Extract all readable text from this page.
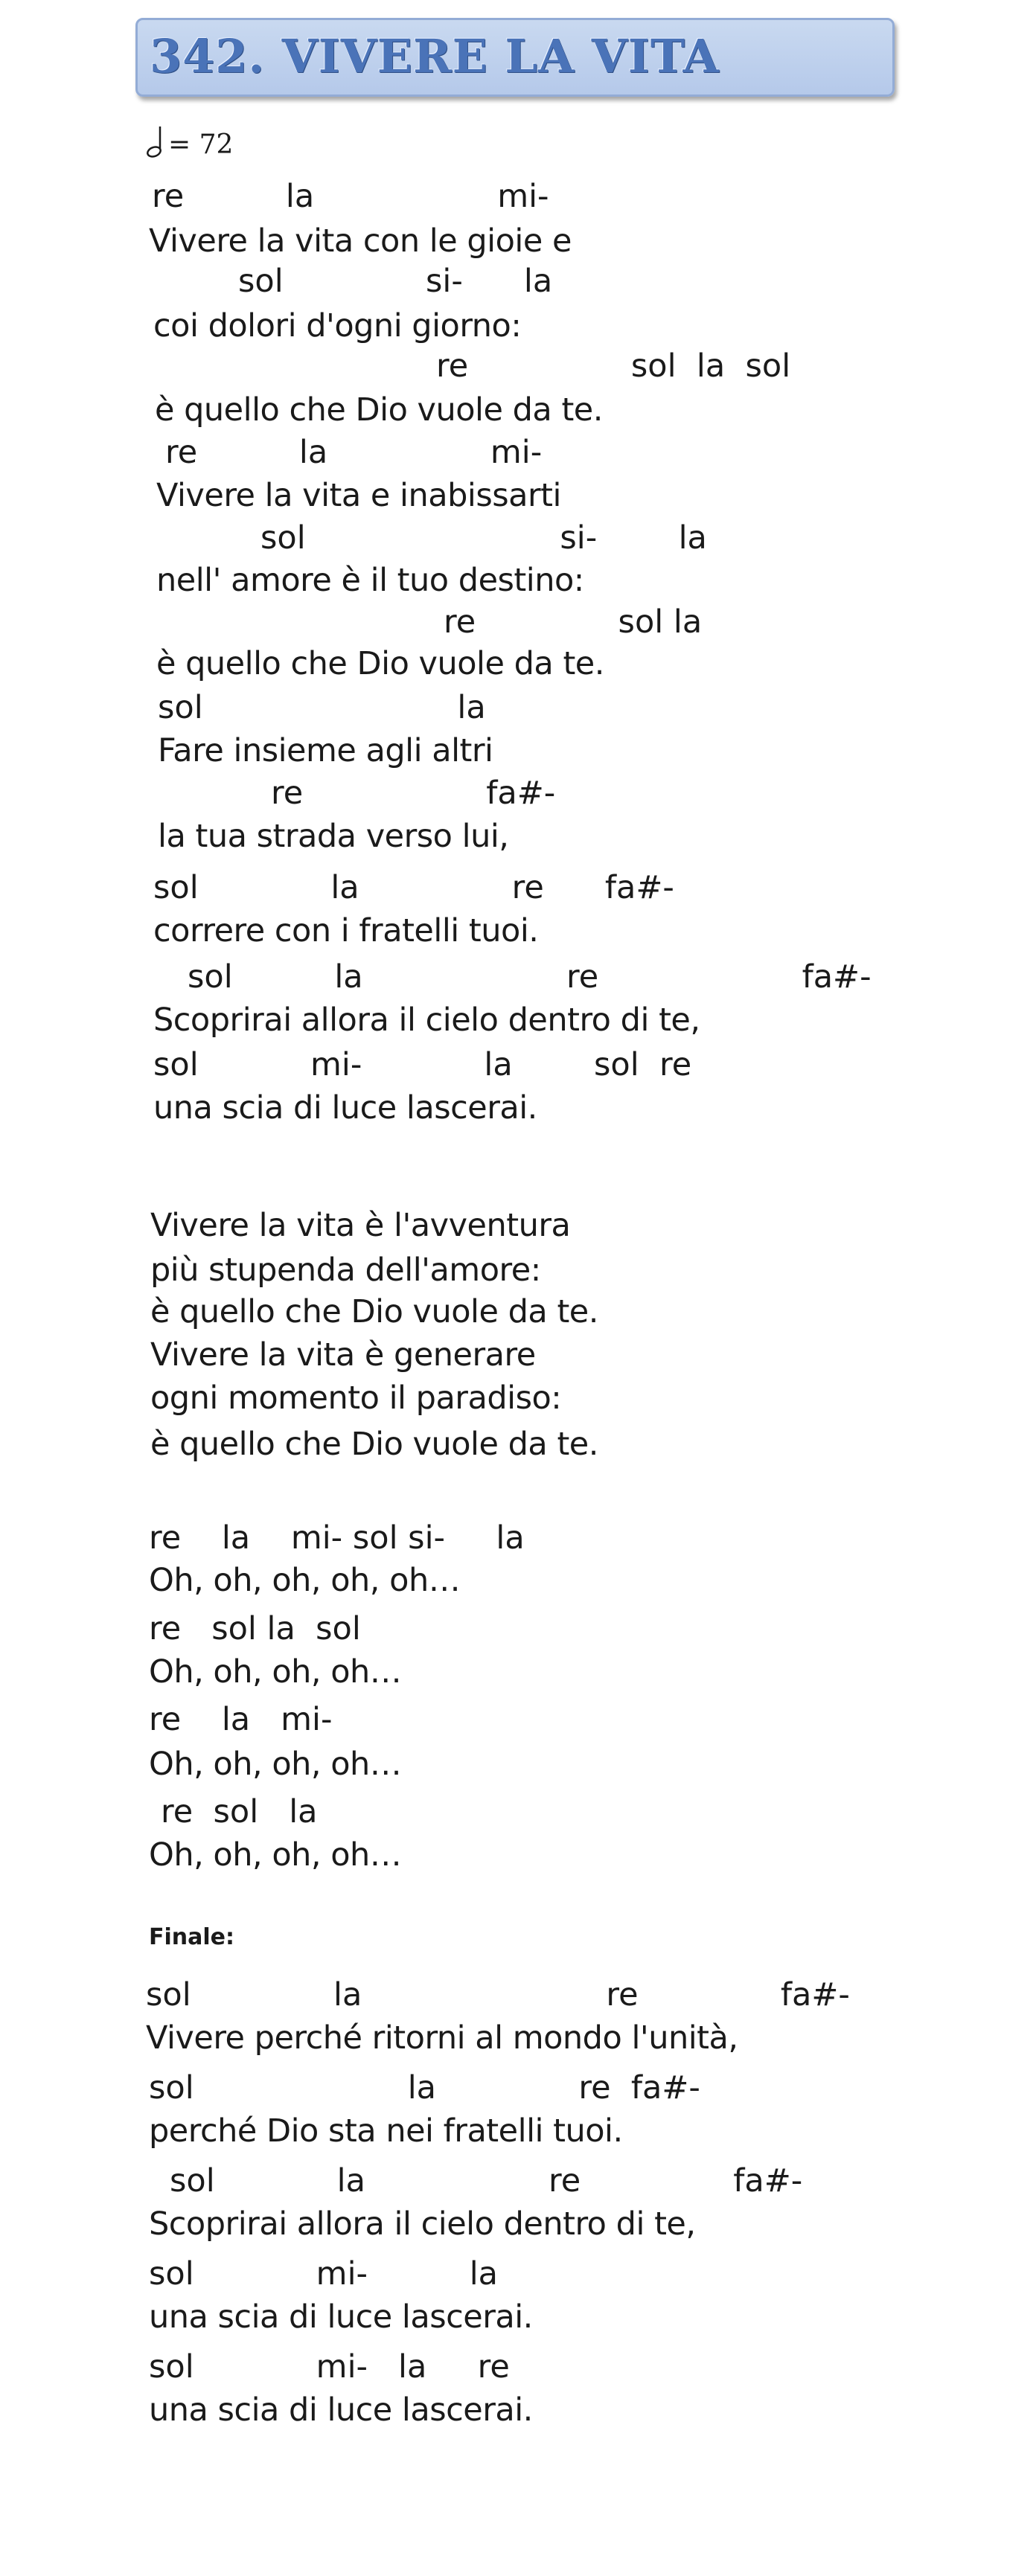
342. VIVERE LA VITA
= 72
re          la                  mi-
Vivere la vita con le gioie e
sol              si-      la
coi dolori d'ogni giorno:
re                sol  la  sol
è quello che Dio vuole da te.
re          la                mi-
Vivere la vita e inabissarti
sol                         si-        la
nell' amore è il tuo destino:
re              sol la
è quello che Dio vuole da te.
sol                         la
Fare insieme agli altri
re                  fa#-
la tua strada verso lui,
sol             la               re      fa#-
correre con i fratelli tuoi.
sol          la                    re                    fa#-
Scoprirai allora il cielo dentro di te,
sol           mi-            la        sol  re
una scia di luce lascerai.
Vivere la vita è l'avventura
più stupenda dell'amore:
è quello che Dio vuole da te.
Vivere la vita è generare
ogni momento il paradiso:
è quello che Dio vuole da te.
re    la    mi- sol si-     la
Oh, oh, oh, oh, oh…
re   sol la  sol
Oh, oh, oh, oh…
re    la   mi-
Oh, oh, oh, oh…
re  sol   la
Oh, oh, oh, oh…
Finale:
sol              la                        re              fa#-
Vivere perché ritorni al mondo l'unità,
sol                     la              re  fa#-
perché Dio sta nei fratelli tuoi.
sol            la                  re               fa#-
Scoprirai allora il cielo dentro di te,
sol            mi-          la
una scia di luce lascerai.
sol            mi-   la     re
una scia di luce lascerai.
